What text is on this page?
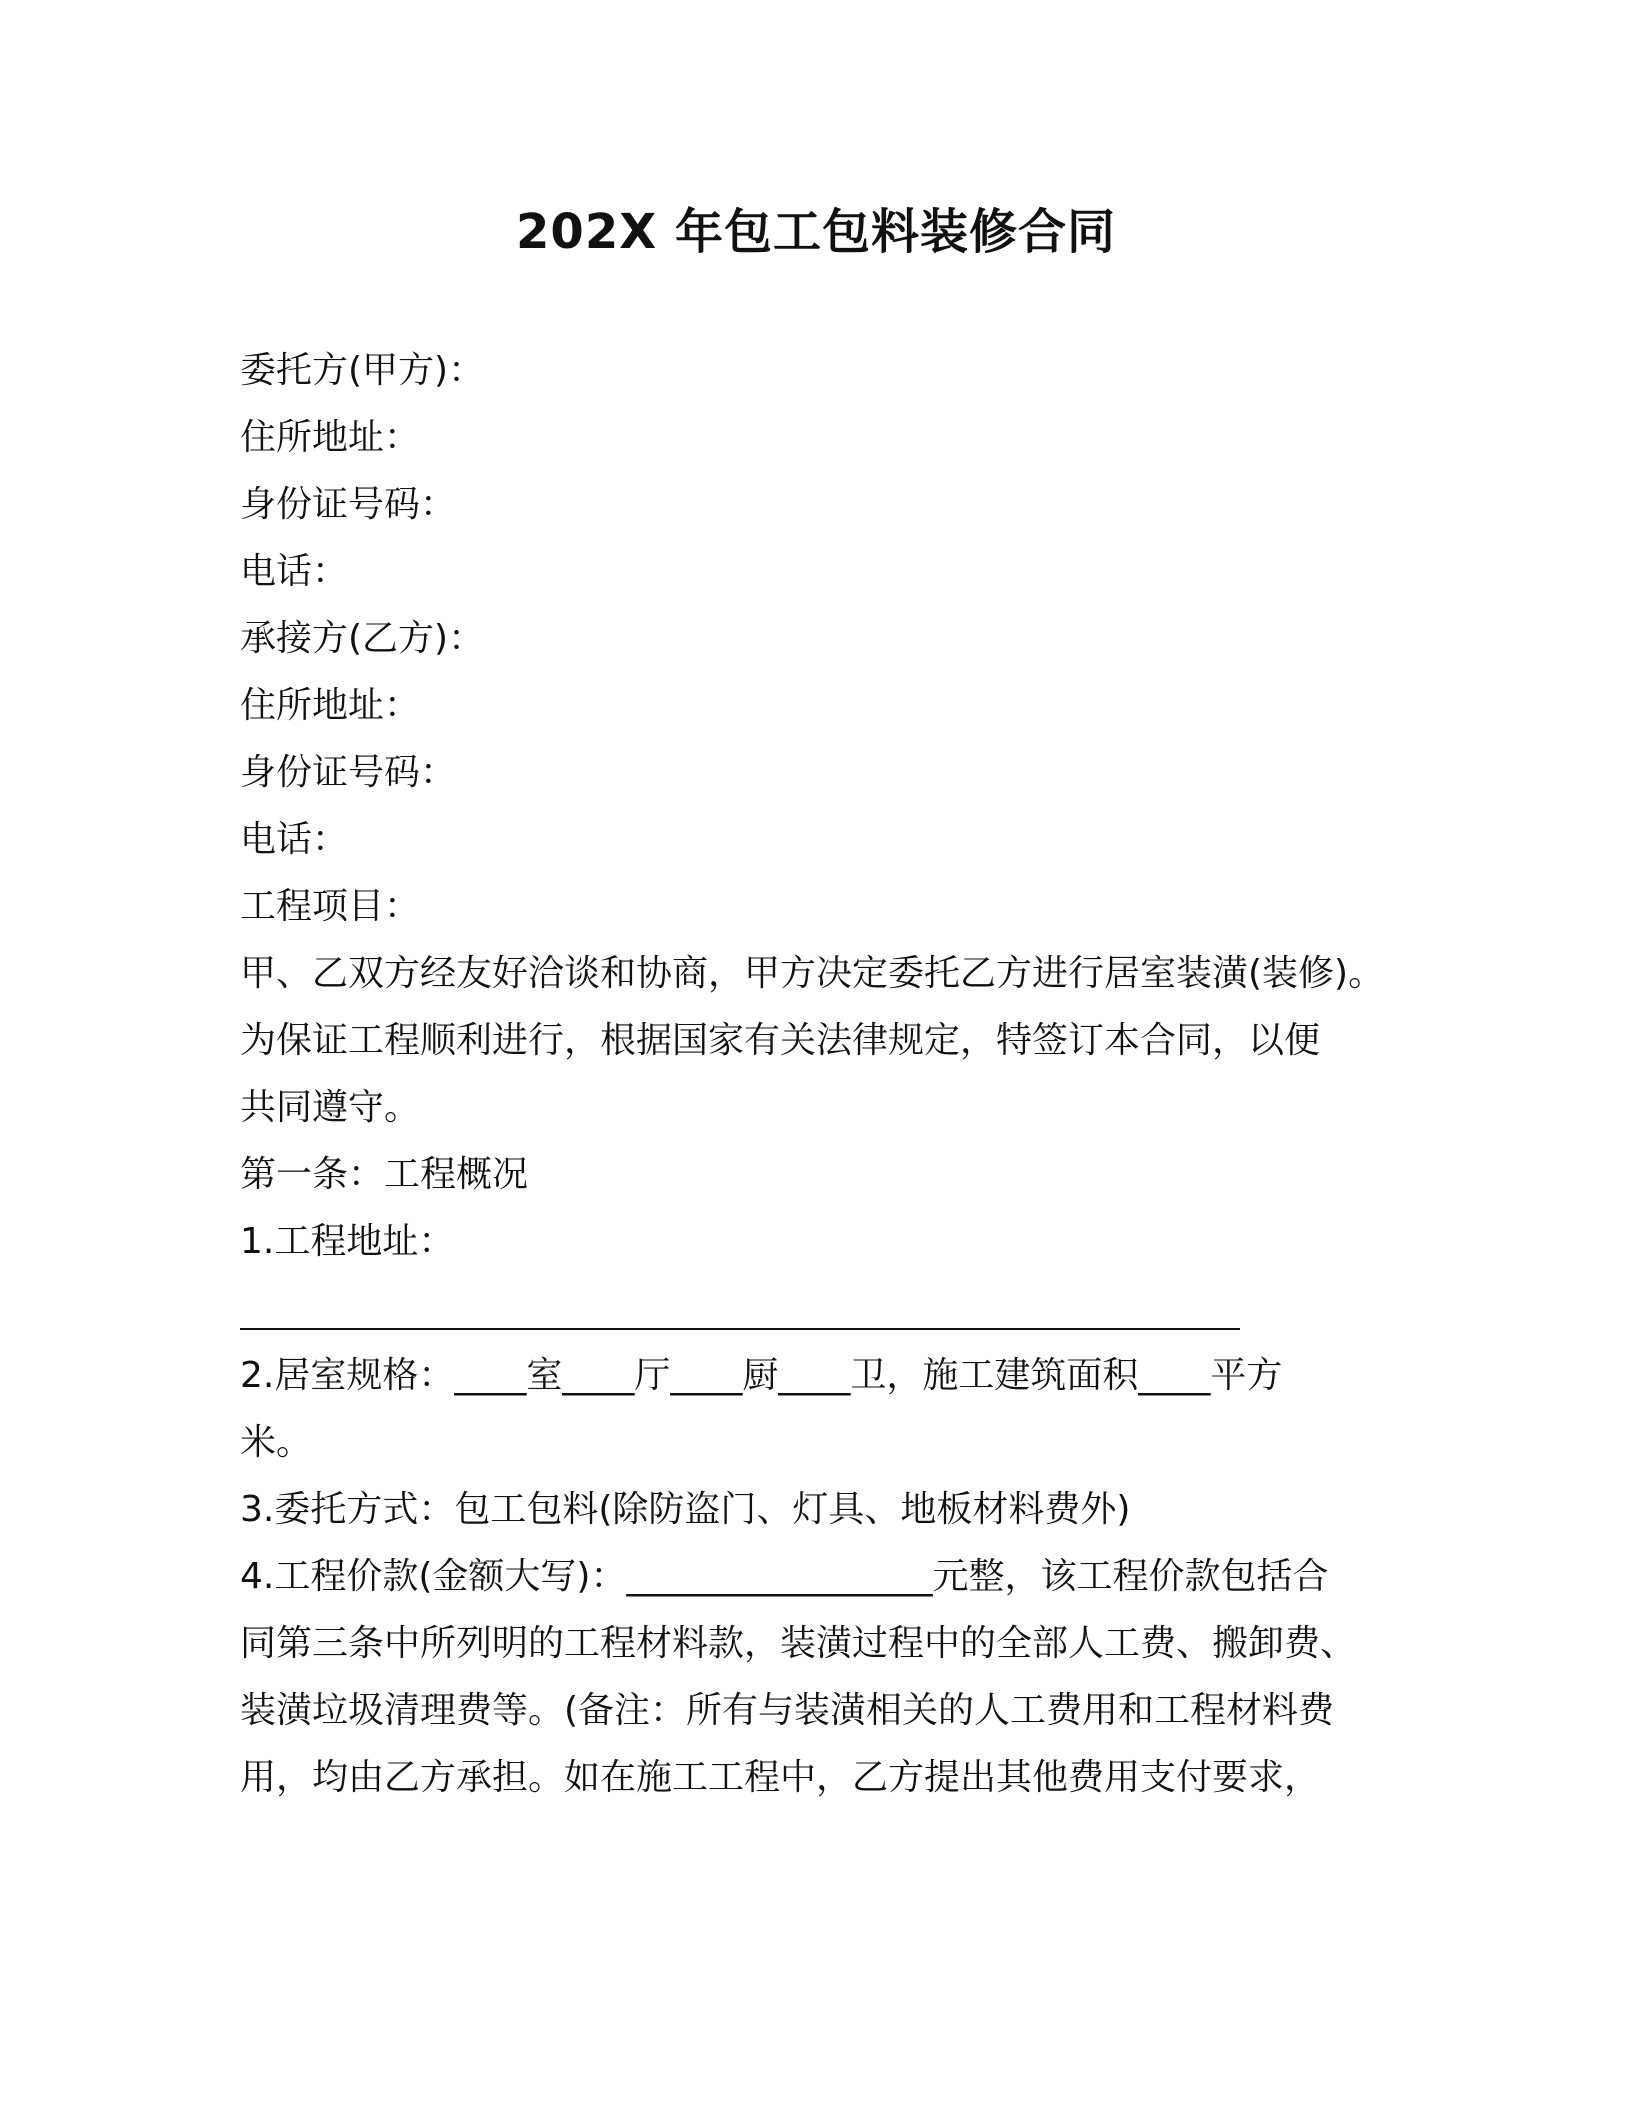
202X 年包工包料装修合同
委托方(甲方)：
住所地址：
身份证号码：
电话：
承接方(乙方)：
住所地址：
身份证号码：
电话：
工程项目：
甲、乙双方经友好洽谈和协商，甲方决定委托乙方进行居室装潢(装修)。
为保证工程顺利进行，根据国家有关法律规定，特签订本合同，以便
共同遵守。
第一条：工程概况
1.工程地址：
2.居室规格：____室____厅____厨____卫，施工建筑面积____平方
米。
3.委托方式：包工包料(除防盗门、灯具、地板材料费外)
4.工程价款(金额大写)：_________________元整，该工程价款包括合
同第三条中所列明的工程材料款，装潢过程中的全部人工费、搬卸费、
装潢垃圾清理费等。(备注：所有与装潢相关的人工费用和工程材料费
用，均由乙方承担。如在施工工程中，乙方提出其他费用支付要求，
